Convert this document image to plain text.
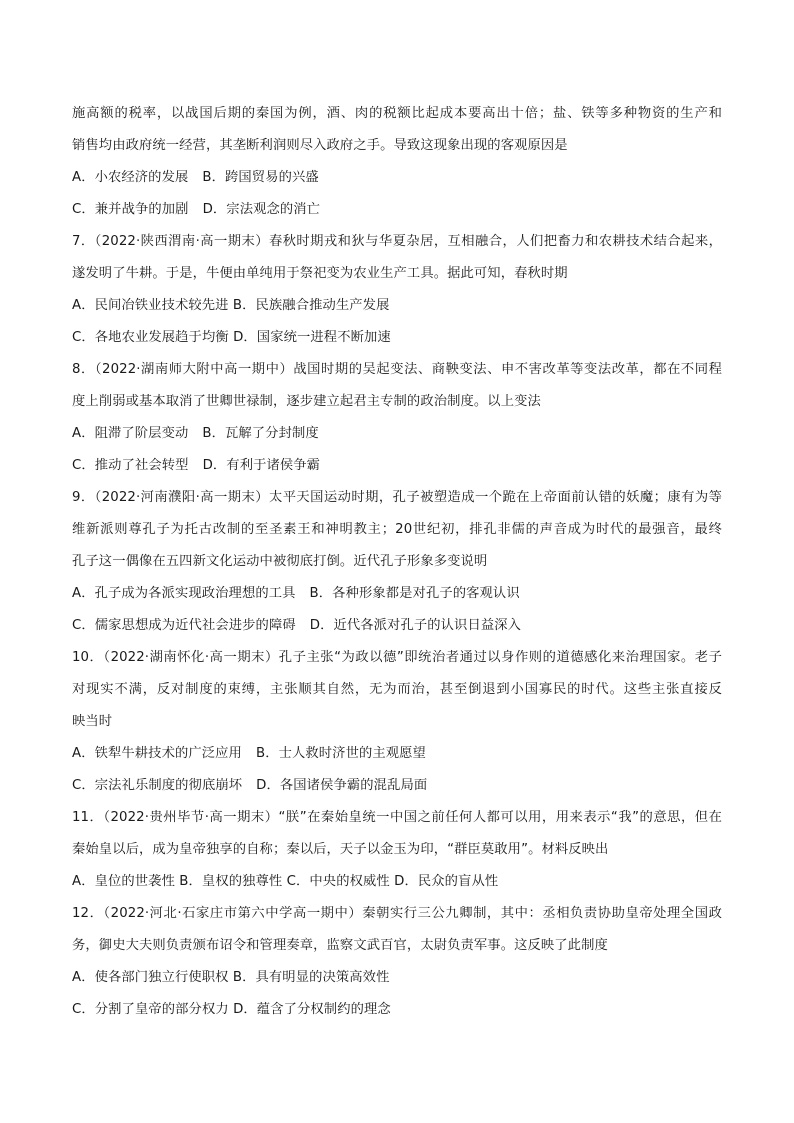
施高额的税率，以战国后期的秦国为例，酒、肉的税额比起成本要高出十倍；盐、铁等多种物资的生产和
销售均由政府统一经营，其垄断利润则尽入政府之手。导致这现象出现的客观原因是
A．小农经济的发展 B．跨国贸易的兴盛
C．兼并战争的加剧 D．宗法观念的消亡
7．（2022·陕西渭南·高一期末）春秋时期戎和狄与华夏杂居，互相融合，人们把畜力和农耕技术结合起来，
遂发明了牛耕。于是，牛便由单纯用于祭祀变为农业生产工具。据此可知，春秋时期
A．民间冶铁业技术较先进 B．民族融合推动生产发展
C．各地农业发展趋于均衡 D．国家统一进程不断加速
8．（2022·湖南师大附中高一期中）战国时期的吴起变法、商鞅变法、申不害改革等变法改革，都在不同程
度上削弱或基本取消了世卿世禄制，逐步建立起君主专制的政治制度。以上变法
A．阻滞了阶层变动 B．瓦解了分封制度
C．推动了社会转型 D．有利于诸侯争霸
9．（2022·河南濮阳·高一期末）太平天国运动时期，孔子被塑造成一个跪在上帝面前认错的妖魔；康有为等
维新派则尊孔子为托古改制的至圣素王和神明教主；20世纪初，排孔非儒的声音成为时代的最强音，最终
孔子这一偶像在五四新文化运动中被彻底打倒。近代孔子形象多变说明
A．孔子成为各派实现政治理想的工具 B．各种形象都是对孔子的客观认识
C．儒家思想成为近代社会进步的障碍 D．近代各派对孔子的认识日益深入
10．（2022·湖南怀化·高一期末）孔子主张“为政以德”即统治者通过以身作则的道德感化来治理国家。老子
对现实不满，反对制度的束缚，主张顺其自然，无为而治，甚至倒退到小国寡民的时代。这些主张直接反
映当时
A．铁犁牛耕技术的广泛应用 B．士人救时济世的主观愿望
C．宗法礼乐制度的彻底崩坏 D．各国诸侯争霸的混乱局面
11．（2022·贵州毕节·高一期末）“朕”在秦始皇统一中国之前任何人都可以用，用来表示“我”的意思，但在
秦始皇以后，成为皇帝独享的自称；秦以后，天子以金玉为印，“群臣莫敢用”。材料反映出
A．皇位的世袭性 B．皇权的独尊性 C．中央的权威性 D．民众的盲从性
12．（2022·河北·石家庄市第六中学高一期中）秦朝实行三公九卿制，其中：丞相负责协助皇帝处理全国政
务，御史大夫则负责颁布诏令和管理奏章，监察文武百官，太尉负责军事。这反映了此制度
A．使各部门独立行使职权 B．具有明显的决策高效性
C．分割了皇帝的部分权力 D．蕴含了分权制约的理念
